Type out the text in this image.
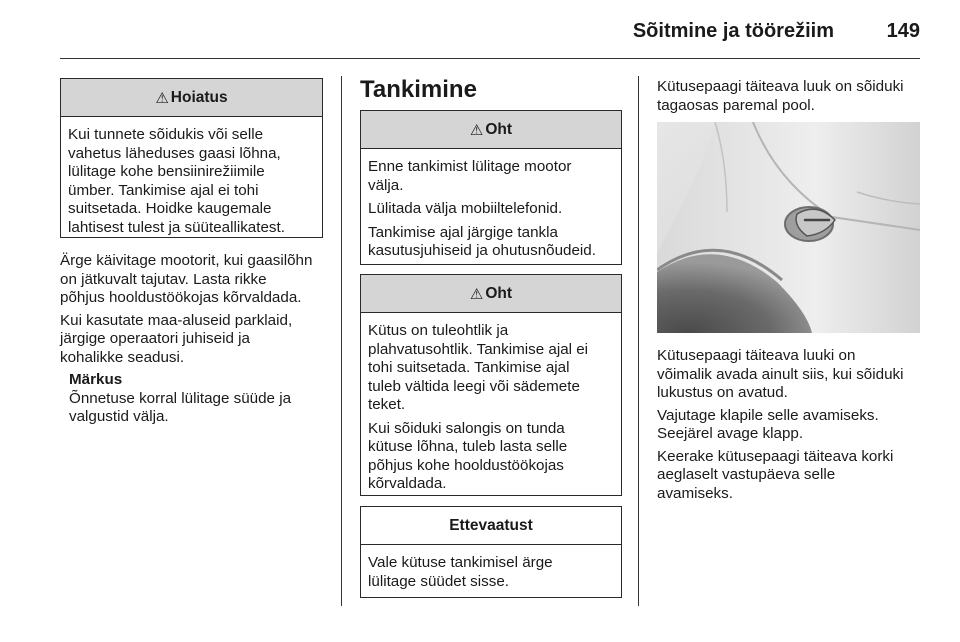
Sõitmine ja töörežiim	149
⚠ Hoiatus
Kui tunnete sõidukis või selle
vahetus läheduses gaasi lõhna,
lülitage kohe bensiinirežiimile
ümber. Tankimise ajal ei tohi
suitsetada. Hoidke kaugemale
lahtisest tulest ja süüteallikatest.

Ärge käivitage mootorit, kui gaasilõhn
on jätkuvalt tajutav. Lasta rikke
põhjus hooldustöökojas kõrvaldada.

Kui kasutate maa-aluseid parklaid,
järgige operaatori juhiseid ja
kohalikke seadusi.

Märkus
Õnnetuse korral lülitage süüde ja
valgustid välja.
Tankimine
⚠ Oht

Enne tankimist lülitage mootor
välja.

Lülitada välja mobiiltelefonid.

Tankimise ajal järgige tankla
kasutusjuhiseid ja ohutusnõudeid.

⚠ Oht

Kütus on tuleohtlik ja
plahvatusohtlik. Tankimise ajal ei
tohi suitsetada. Tankimise ajal
tuleb vältida leegi või sädemete
teket.

Kui sõiduki salongis on tunda
kütuse lõhna, tuleb lasta selle
põhjus kohe hooldustöökojas
kõrvaldada.

Ettevaatust
Vale kütuse tankimisel ärge
lülitage süüdet sisse.
Kütusepaagi täiteava luuk on sõiduki
tagaosas paremal pool.

Kütusepaagi täiteava luuki on
võimalik avada ainult siis, kui sõiduki
lukustus on avatud.

Vajutage klapile selle avamiseks.
Seejärel avage klapp.

Keerake kütusepaagi täiteava korki
aeglaselt vastupäeva selle
avamiseks.
